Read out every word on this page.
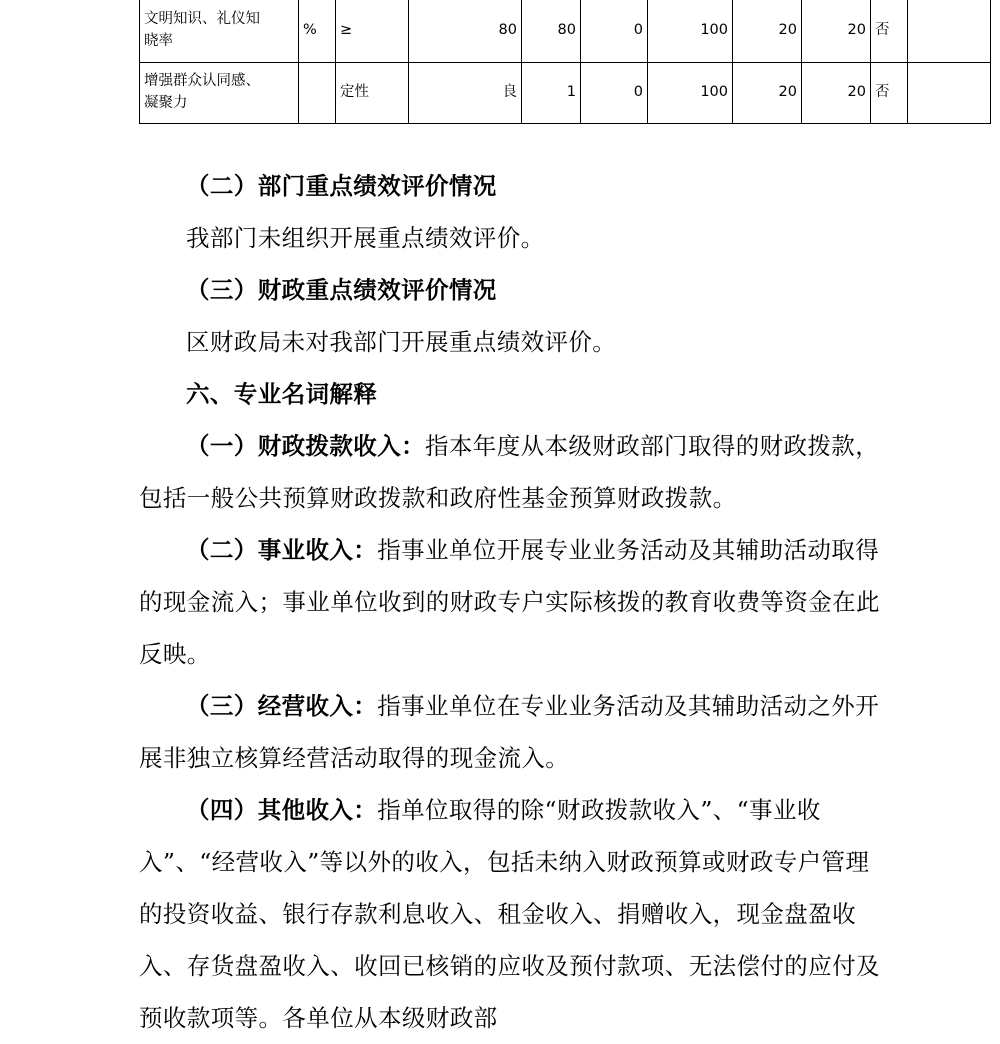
文明知识、礼仪知
晓率	%	≥	80	80	0	100	20	20	否	

增强群众认同感、
凝聚力		定性	良	1	0	100	20	20	否	

（二）部门重点绩效评价情况

我部门未组织开展重点绩效评价。

（三）财政重点绩效评价情况

区财政局未对我部门开展重点绩效评价。

六、专业名词解释

（一）财政拨款收入：指本年度从本级财政部门取得的财政拨款，包括一般公共预算财政拨款和政府性基金预算财政拨款。

（二）事业收入：指事业单位开展专业业务活动及其辅助活动取得的现金流入；事业单位收到的财政专户实际核拨的教育收费等资金在此反映。

（三）经营收入：指事业单位在专业业务活动及其辅助活动之外开展非独立核算经营活动取得的现金流入。

（四）其他收入：指单位取得的除“财政拨款收入”、“事业收入”、“经营收入”等以外的收入，包括未纳入财政预算或财政专户管理的投资收益、银行存款利息收入、租金收入、捐赠收入，现金盘盈收入、存货盘盈收入、收回已核销的应收及预付款项、无法偿付的应付及预收款项等。各单位从本级财政部
